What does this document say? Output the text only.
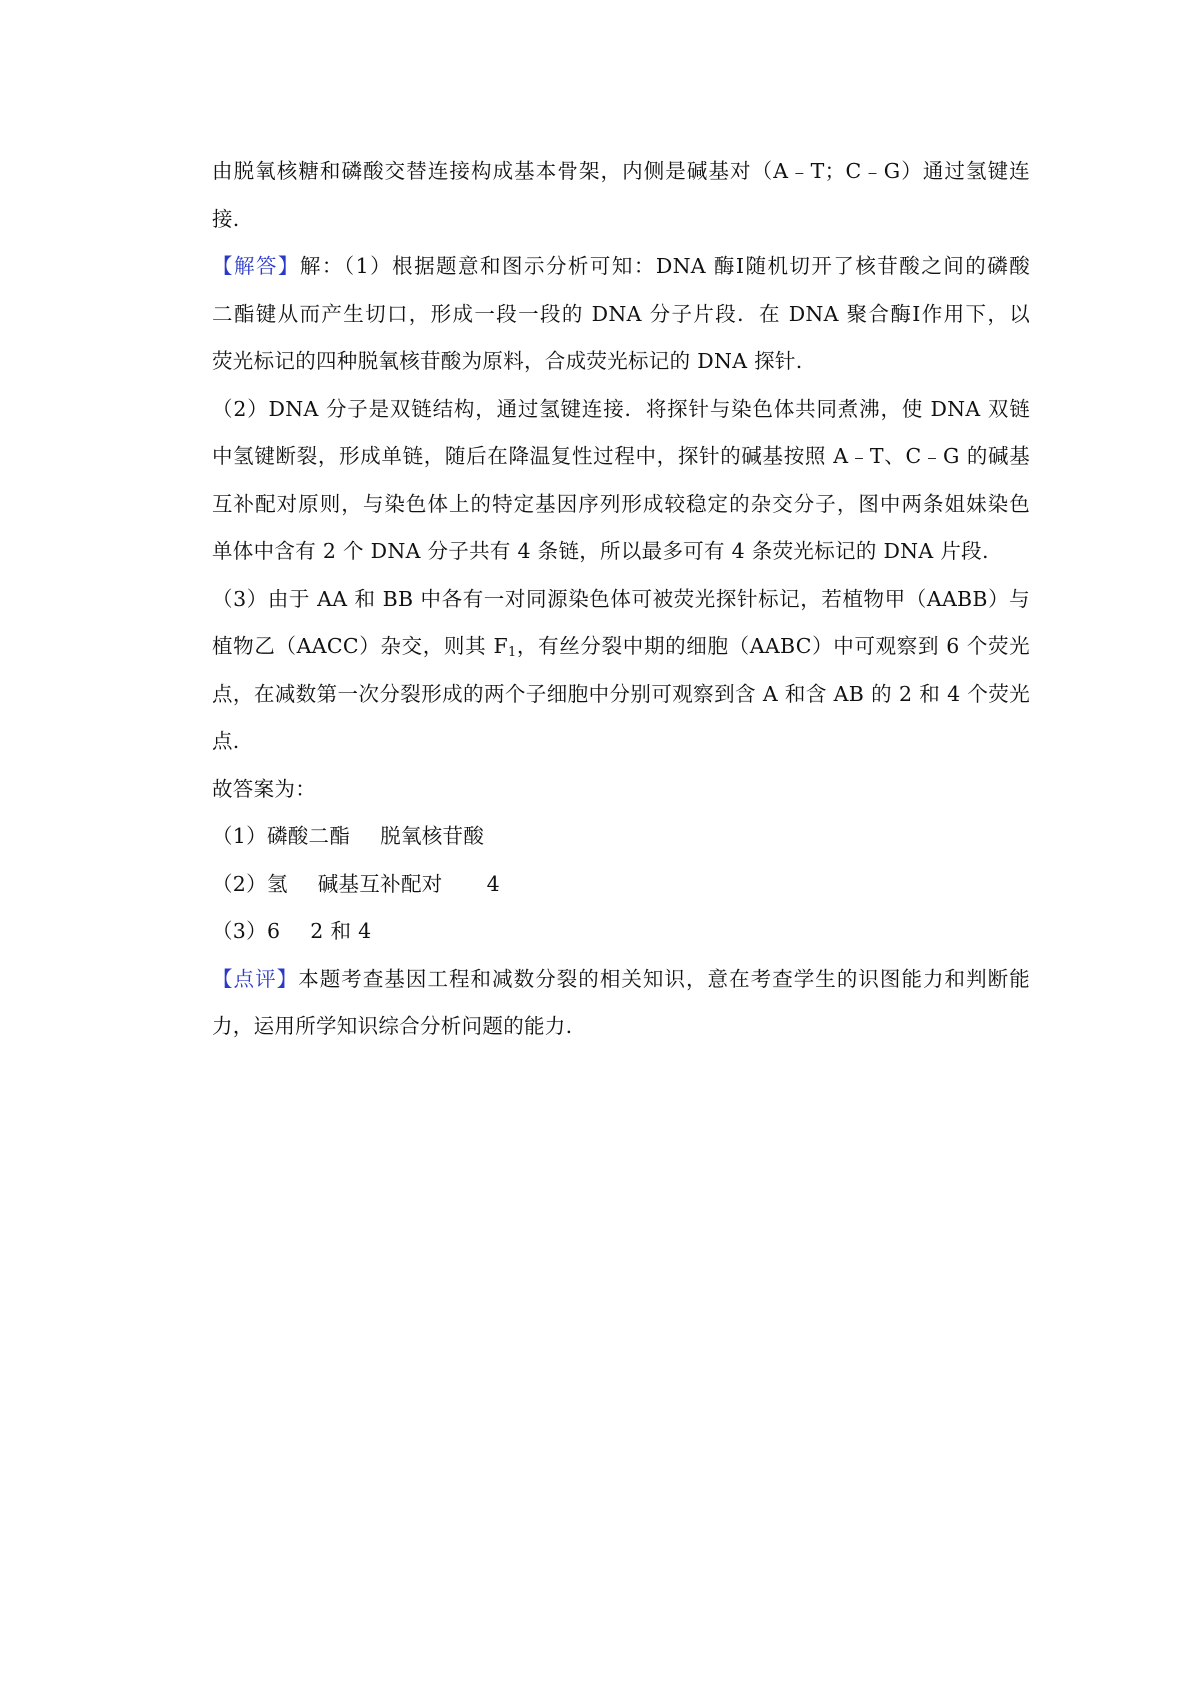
由脱氧核糖和磷酸交替连接构成基本骨架，内侧是碱基对（A﹣T；C﹣G）通过氢键连
接.
【解答】解：（1）根据题意和图示分析可知：DNA 酶Ⅰ随机切开了核苷酸之间的磷酸
二酯键从而产生切口，形成一段一段的 DNA 分子片段．在 DNA 聚合酶Ⅰ作用下，以
荧光标记的四种脱氧核苷酸为原料，合成荧光标记的 DNA 探针.
（2）DNA 分子是双链结构，通过氢键连接．将探针与染色体共同煮沸，使 DNA 双链
中氢键断裂，形成单链，随后在降温复性过程中，探针的碱基按照 A﹣T、C﹣G 的碱基
互补配对原则，与染色体上的特定基因序列形成较稳定的杂交分子，图中两条姐妹染色
单体中含有 2 个 DNA 分子共有 4 条链，所以最多可有 4 条荧光标记的 DNA 片段.
（3）由于 AA 和 BB 中各有一对同源染色体可被荧光探针标记，若植物甲（AABB）与
植物乙（AACC）杂交，则其 $F_1$，有丝分裂中期的细胞（AABC）中可观察到 6 个荧光
点，在减数第一次分裂形成的两个子细胞中分别可观察到含 A 和含 AB 的 2 和 4 个荧光
点.
故答案为：
（1）磷酸二酯 脱氧核苷酸
（2）氢 碱基互补配对 4
（3）6 2 和 4
【点评】本题考查基因工程和减数分裂的相关知识，意在考查学生的识图能力和判断能
力，运用所学知识综合分析问题的能力.
